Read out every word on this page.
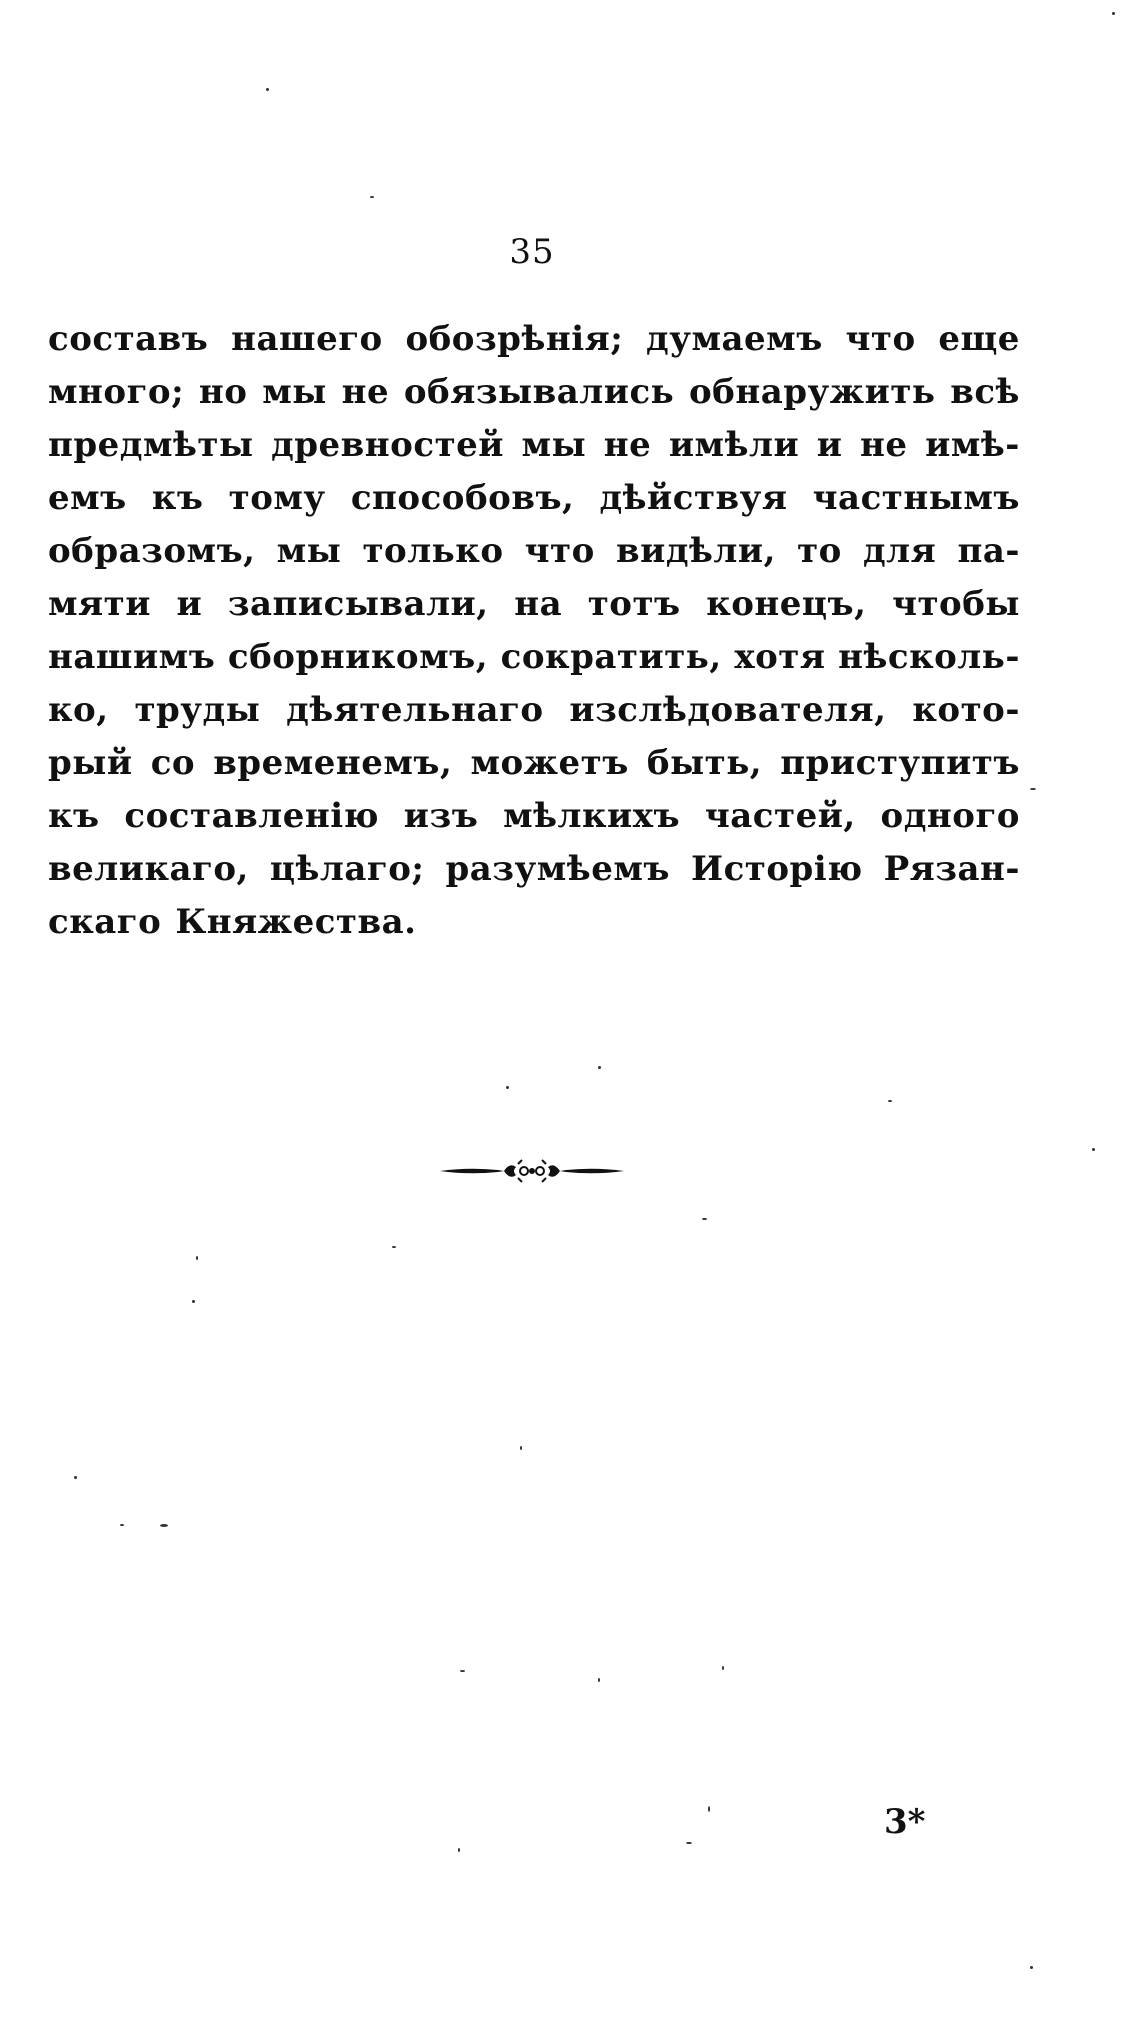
35
составъ нашего обозрѣнія; думаемъ что еще
много; но мы не обязывались обнаружить всѣ
предмѣты древностей мы не имѣли и не имѣ-
емъ къ тому способовъ, дѣйствуя частнымъ
образомъ, мы только что видѣли, то для па-
мяти и записывали, на тотъ конецъ, чтобы
нашимъ сборникомъ, сократить, хотя нѣсколь-
ко, труды дѣятельнаго изслѣдователя, кото-
рый со временемъ, можетъ быть, приступитъ
къ составленію изъ мѣлкихъ частей, одного
великаго, цѣлаго; разумѣемъ Исторію Рязан-
скаго Княжества.
3*
